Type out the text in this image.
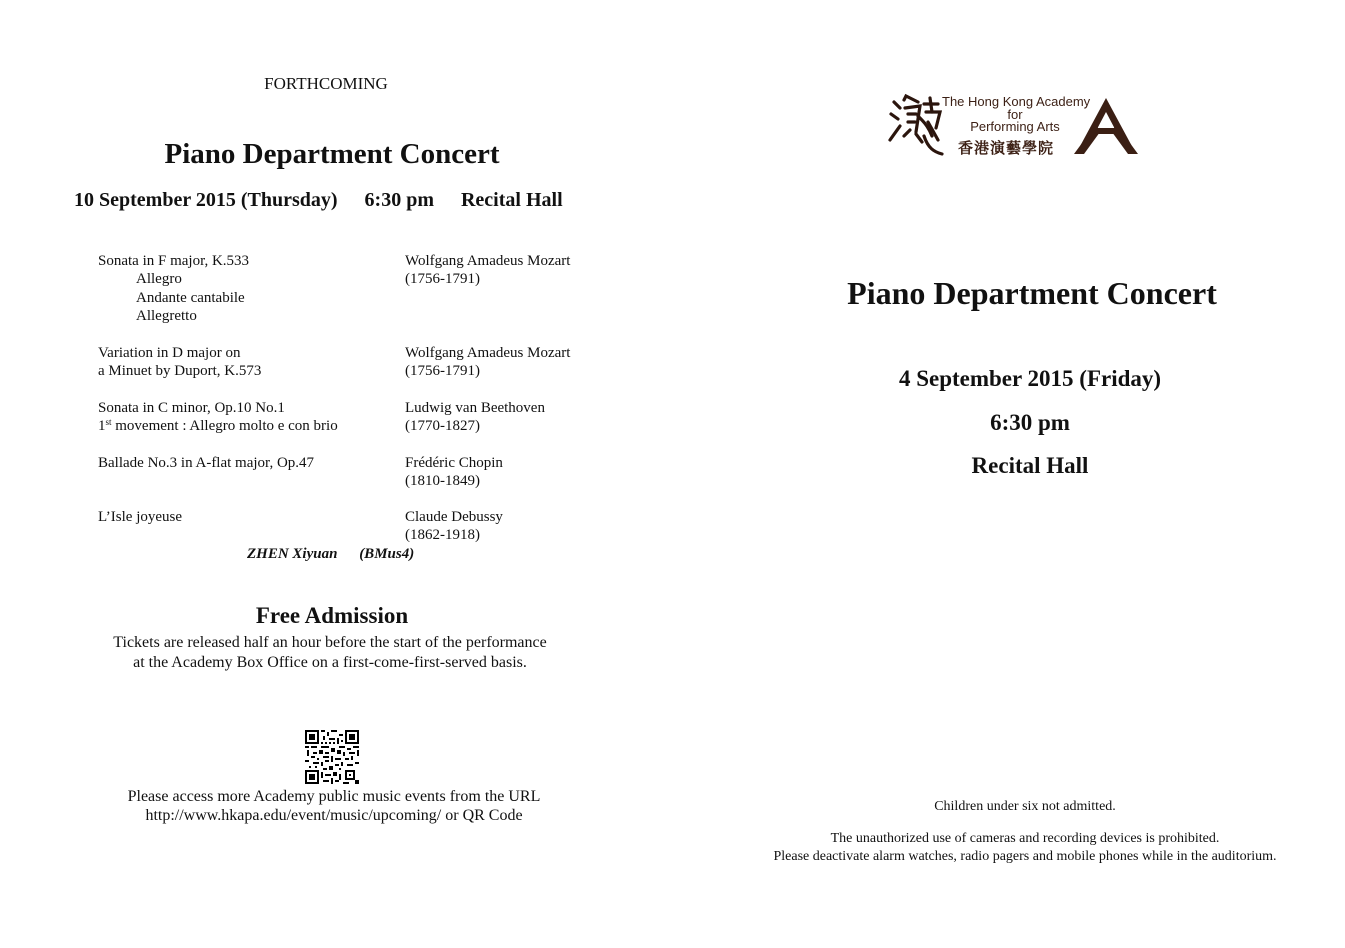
FORTHCOMING
Piano Department Concert
10 September 2015 (Thursday) 6:30 pm Recital Hall
Sonata in F major, K.533
Allegro
Andante cantabile
Allegretto
Wolfgang Amadeus Mozart
(1756-1791)
Variation in D major on
a Minuet by Duport, K.573
Wolfgang Amadeus Mozart
(1756-1791)
Sonata in C minor, Op.10 No.1
1st movement : Allegro molto e con brio
Ludwig van Beethoven
(1770-1827)
Ballade No.3 in A-flat major, Op.47	Frédéric Chopin
(1810-1849)
L’Isle joyeuse	Claude Debussy
(1862-1918)
ZHEN Xiyuan (BMus4)
Free Admission
Tickets are released half an hour before the start of the performance
at the Academy Box Office on a first-come-first-served basis.
Please access more Academy public music events from the URL
http://www.hkapa.edu/event/music/upcoming/ or QR Code
The Hong Kong Academy
for
Performing Arts
香港演藝學院
Piano Department Concert
4 September 2015 (Friday)
6:30 pm
Recital Hall
Children under six not admitted.
The unauthorized use of cameras and recording devices is prohibited.
Please deactivate alarm watches, radio pagers and mobile phones while in the auditorium.
